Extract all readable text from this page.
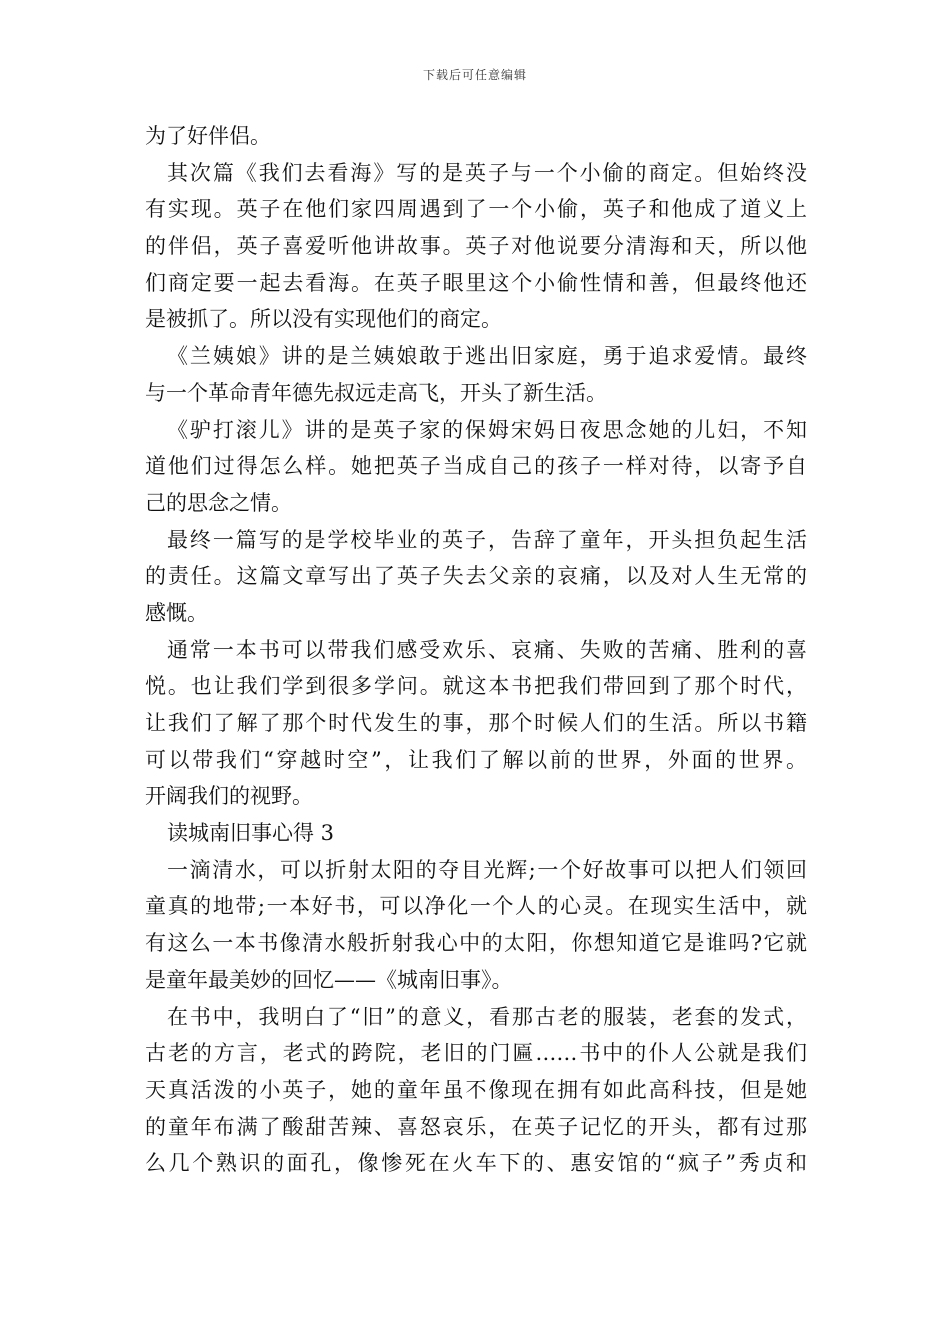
下载后可任意编辑
为了好伴侣。
其次篇《我们去看海》写的是英子与一个小偷的商定。但始终没
有实现。英子在他们家四周遇到了一个小偷，英子和他成了道义上
的伴侣，英子喜爱听他讲故事。英子对他说要分清海和天，所以他
们商定要一起去看海。在英子眼里这个小偷性情和善，但最终他还
是被抓了。所以没有实现他们的商定。
《兰姨娘》讲的是兰姨娘敢于逃出旧家庭，勇于追求爱情。最终
与一个革命青年德先叔远走高飞，开头了新生活。
《驴打滚儿》讲的是英子家的保姆宋妈日夜思念她的儿妇，不知
道他们过得怎么样。她把英子当成自己的孩子一样对待，以寄予自
己的思念之情。
最终一篇写的是学校毕业的英子，告辞了童年，开头担负起生活
的责任。这篇文章写出了英子失去父亲的哀痛，以及对人生无常的
感慨。
通常一本书可以带我们感受欢乐、哀痛、失败的苦痛、胜利的喜
悦。也让我们学到很多学问。就这本书把我们带回到了那个时代，
让我们了解了那个时代发生的事，那个时候人们的生活。所以书籍
可以带我们“穿越时空”，让我们了解以前的世界，外面的世界。
开阔我们的视野。
读城南旧事心得 3
一滴清水，可以折射太阳的夺目光辉;一个好故事可以把人们领回
童真的地带;一本好书，可以净化一个人的心灵。在现实生活中，就
有这么一本书像清水般折射我心中的太阳，你想知道它是谁吗?它就
是童年最美妙的回忆——《城南旧事》。
在书中，我明白了“旧”的意义，看那古老的服装，老套的发式，
古老的方言，老式的跨院，老旧的门匾……书中的仆人公就是我们
天真活泼的小英子，她的童年虽不像现在拥有如此高科技，但是她
的童年布满了酸甜苦辣、喜怒哀乐，在英子记忆的开头，都有过那
么几个熟识的面孔，像惨死在火车下的、惠安馆的“疯子”秀贞和
